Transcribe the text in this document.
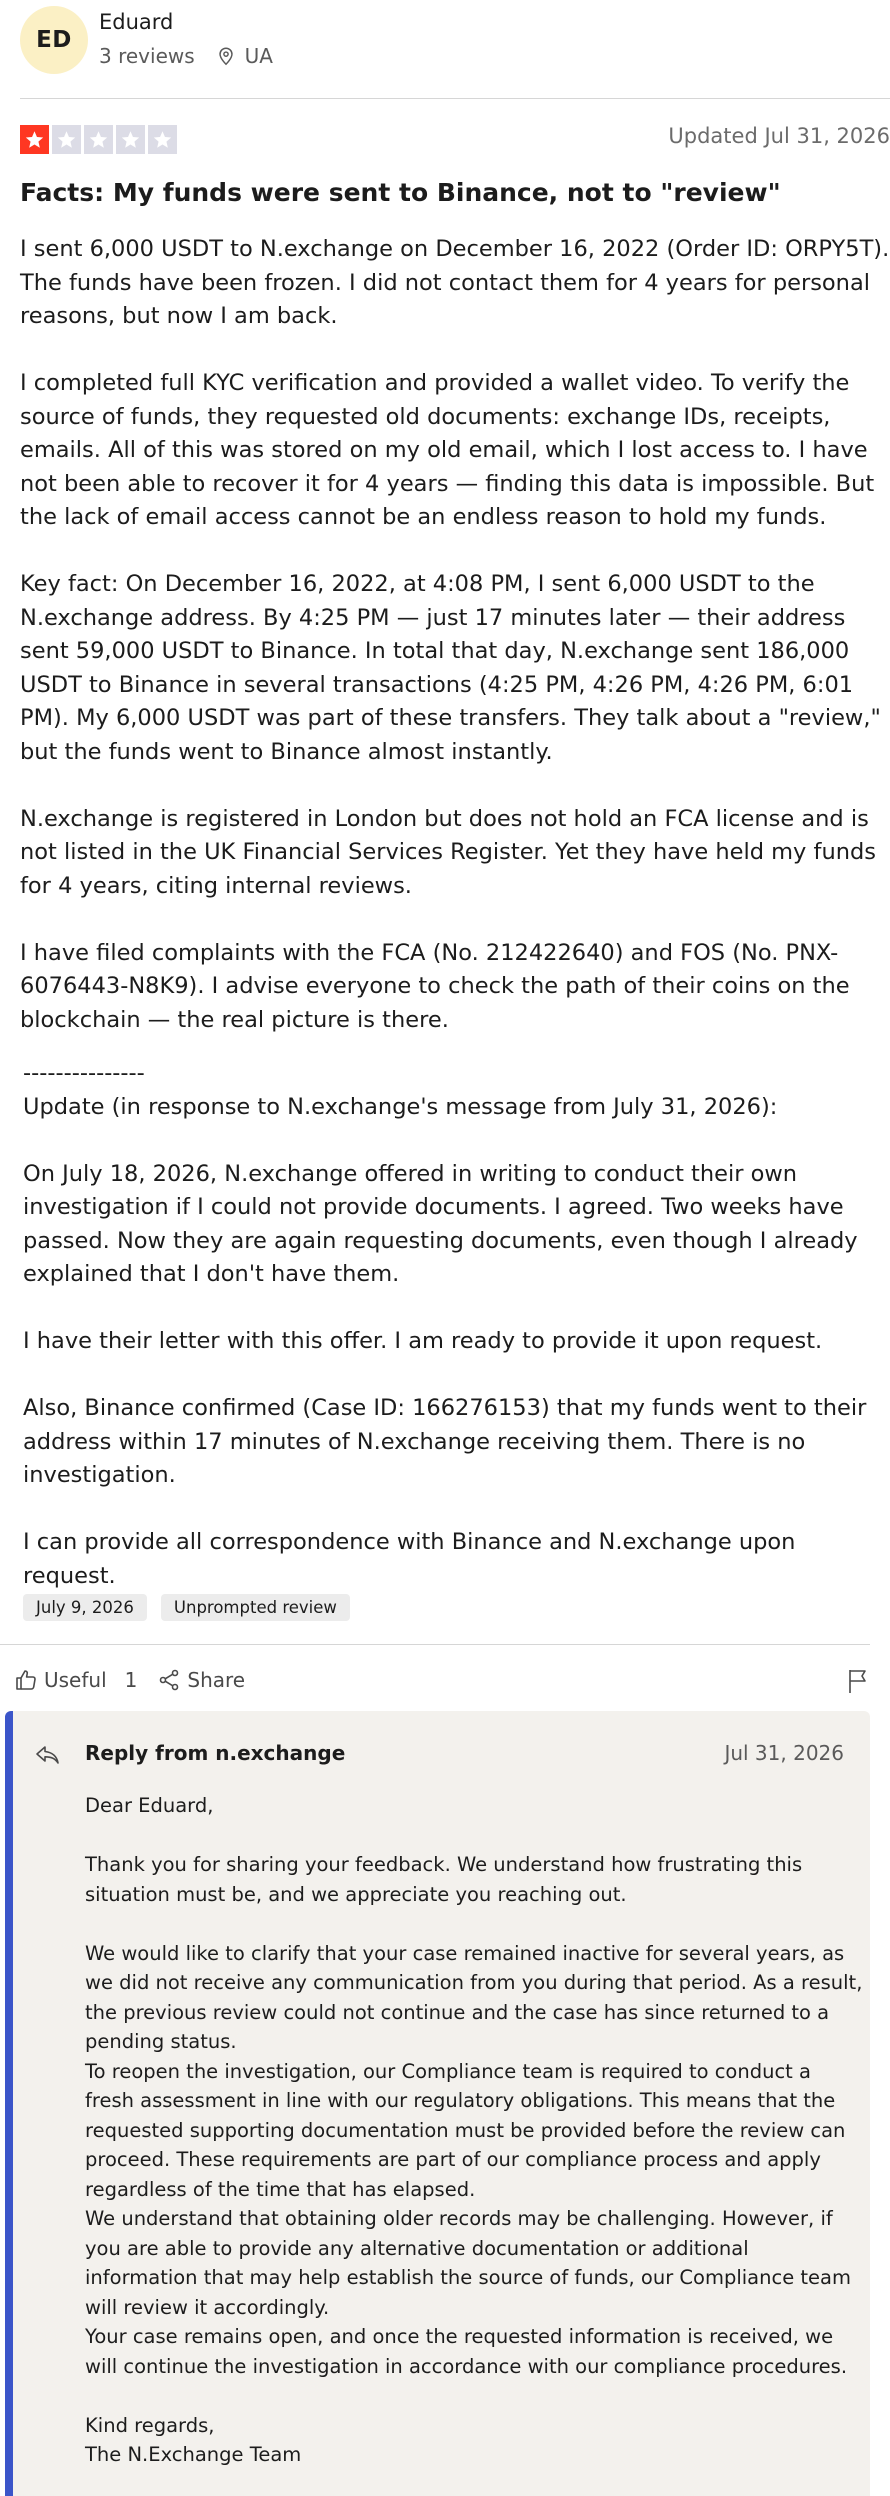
ED
Eduard
3 reviews	UA
Updated Jul 31, 2026
Facts: My funds were sent to Binance, not to "review"

I sent 6,000 USDT to N.exchange on December 16, 2022 (Order ID: ORPY5T). The funds have been frozen. I did not contact them for 4 years for personal reasons, but now I am back.

I completed full KYC verification and provided a wallet video. To verify the source of funds, they requested old documents: exchange IDs, receipts, emails. All of this was stored on my old email, which I lost access to. I have not been able to recover it for 4 years — finding this data is impossible. But the lack of email access cannot be an endless reason to hold my funds.

Key fact: On December 16, 2022, at 4:08 PM, I sent 6,000 USDT to the N.exchange address. By 4:25 PM — just 17 minutes later — their address sent 59,000 USDT to Binance. In total that day, N.exchange sent 186,000 USDT to Binance in several transactions (4:25 PM, 4:26 PM, 4:26 PM, 6:01 PM). My 6,000 USDT was part of these transfers. They talk about a "review," but the funds went to Binance almost instantly.

N.exchange is registered in London but does not hold an FCA license and is not listed in the UK Financial Services Register. Yet they have held my funds for 4 years, citing internal reviews.

I have filed complaints with the FCA (No. 212422640) and FOS (No. PNX-6076443-N8K9). I advise everyone to check the path of their coins on the blockchain — the real picture is there.

---------------

Update (in response to N.exchange's message from July 31, 2026):

On July 18, 2026, N.exchange offered in writing to conduct their own investigation if I could not provide documents. I agreed. Two weeks have passed. Now they are again requesting documents, even though I already explained that I don't have them.

I have their letter with this offer. I am ready to provide it upon request.

Also, Binance confirmed (Case ID: 166276153) that my funds went to their address within 17 minutes of N.exchange receiving them. There is no investigation.

I can provide all correspondence with Binance and N.exchange upon request.

July 9, 2026	Unprompted review
Useful 1	Share
Reply from n.exchange	Jul 31, 2026

Dear Eduard,

Thank you for sharing your feedback. We understand how frustrating this situation must be, and we appreciate you reaching out.

We would like to clarify that your case remained inactive for several years, as we did not receive any communication from you during that period. As a result, the previous review could not continue and the case has since returned to a pending status.

To reopen the investigation, our Compliance team is required to conduct a fresh assessment in line with our regulatory obligations. This means that the requested supporting documentation must be provided before the review can proceed. These requirements are part of our compliance process and apply regardless of the time that has elapsed.

We understand that obtaining older records may be challenging. However, if you are able to provide any alternative documentation or additional information that may help establish the source of funds, our Compliance team will review it accordingly.

Your case remains open, and once the requested information is received, we will continue the investigation in accordance with our compliance procedures.

Kind regards,

The N.Exchange Team
